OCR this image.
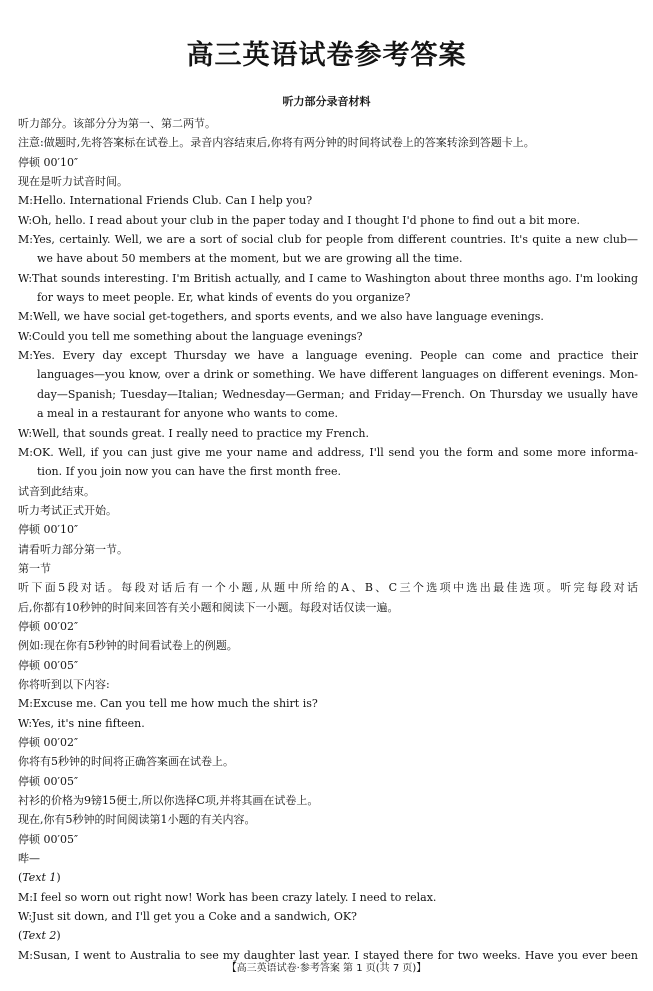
高三英语试卷参考答案
听力部分录音材料
听力部分。该部分分为第一、第二两节。
注意:做题时,先将答案标在试卷上。录音内容结束后,你将有两分钟的时间将试卷上的答案转涂到答题卡上。
停顿 00′10″
现在是听力试音时间。
M:Hello. International Friends Club. Can I help you?
W:Oh, hello. I read about your club in the paper today and I thought I'd phone to find out a bit more.
M:Yes, certainly. Well, we are a sort of social club for people from different countries. It's quite a new club—
we have about 50 members at the moment, but we are growing all the time.
W:That sounds interesting. I'm British actually, and I came to Washington about three months ago. I'm looking
for ways to meet people. Er, what kinds of events do you organize?
M:Well, we have social get-togethers, and sports events, and we also have language evenings.
W:Could you tell me something about the language evenings?
M:Yes. Every day except Thursday we have a language evening. People can come and practice their
languages—you know, over a drink or something. We have different languages on different evenings. Mon-
day—Spanish; Tuesday—Italian; Wednesday—German; and Friday—French. On Thursday we usually have
a meal in a restaurant for anyone who wants to come.
W:Well, that sounds great. I really need to practice my French.
M:OK. Well, if you can just give me your name and address, I'll send you the form and some more informa-
tion. If you join now you can have the first month free.
试音到此结束。
听力考试正式开始。
停顿 00′10″
请看听力部分第一节。
第一节
听下面5段对话。每段对话后有一个小题,从题中所给的A、B、C三个选项中选出最佳选项。听完每段对话
后,你都有10秒钟的时间来回答有关小题和阅读下一小题。每段对话仅读一遍。
停顿 00′02″
例如:现在你有5秒钟的时间看试卷上的例题。
停顿 00′05″
你将听到以下内容:
M:Excuse me. Can you tell me how much the shirt is?
W:Yes, it's nine fifteen.
停顿 00′02″
你将有5秒钟的时间将正确答案画在试卷上。
停顿 00′05″
衬衫的价格为9镑15便士,所以你选择C项,并将其画在试卷上。
现在,你有5秒钟的时间阅读第1小题的有关内容。
停顿 00′05″
哔—
(Text 1)
M:I feel so worn out right now! Work has been crazy lately. I need to relax.
W:Just sit down, and I'll get you a Coke and a sandwich, OK?
(Text 2)
M:Susan, I went to Australia to see my daughter last year. I stayed there for two weeks. Have you ever been
【高三英语试卷·参考答案 第 1 页(共 7 页)】
